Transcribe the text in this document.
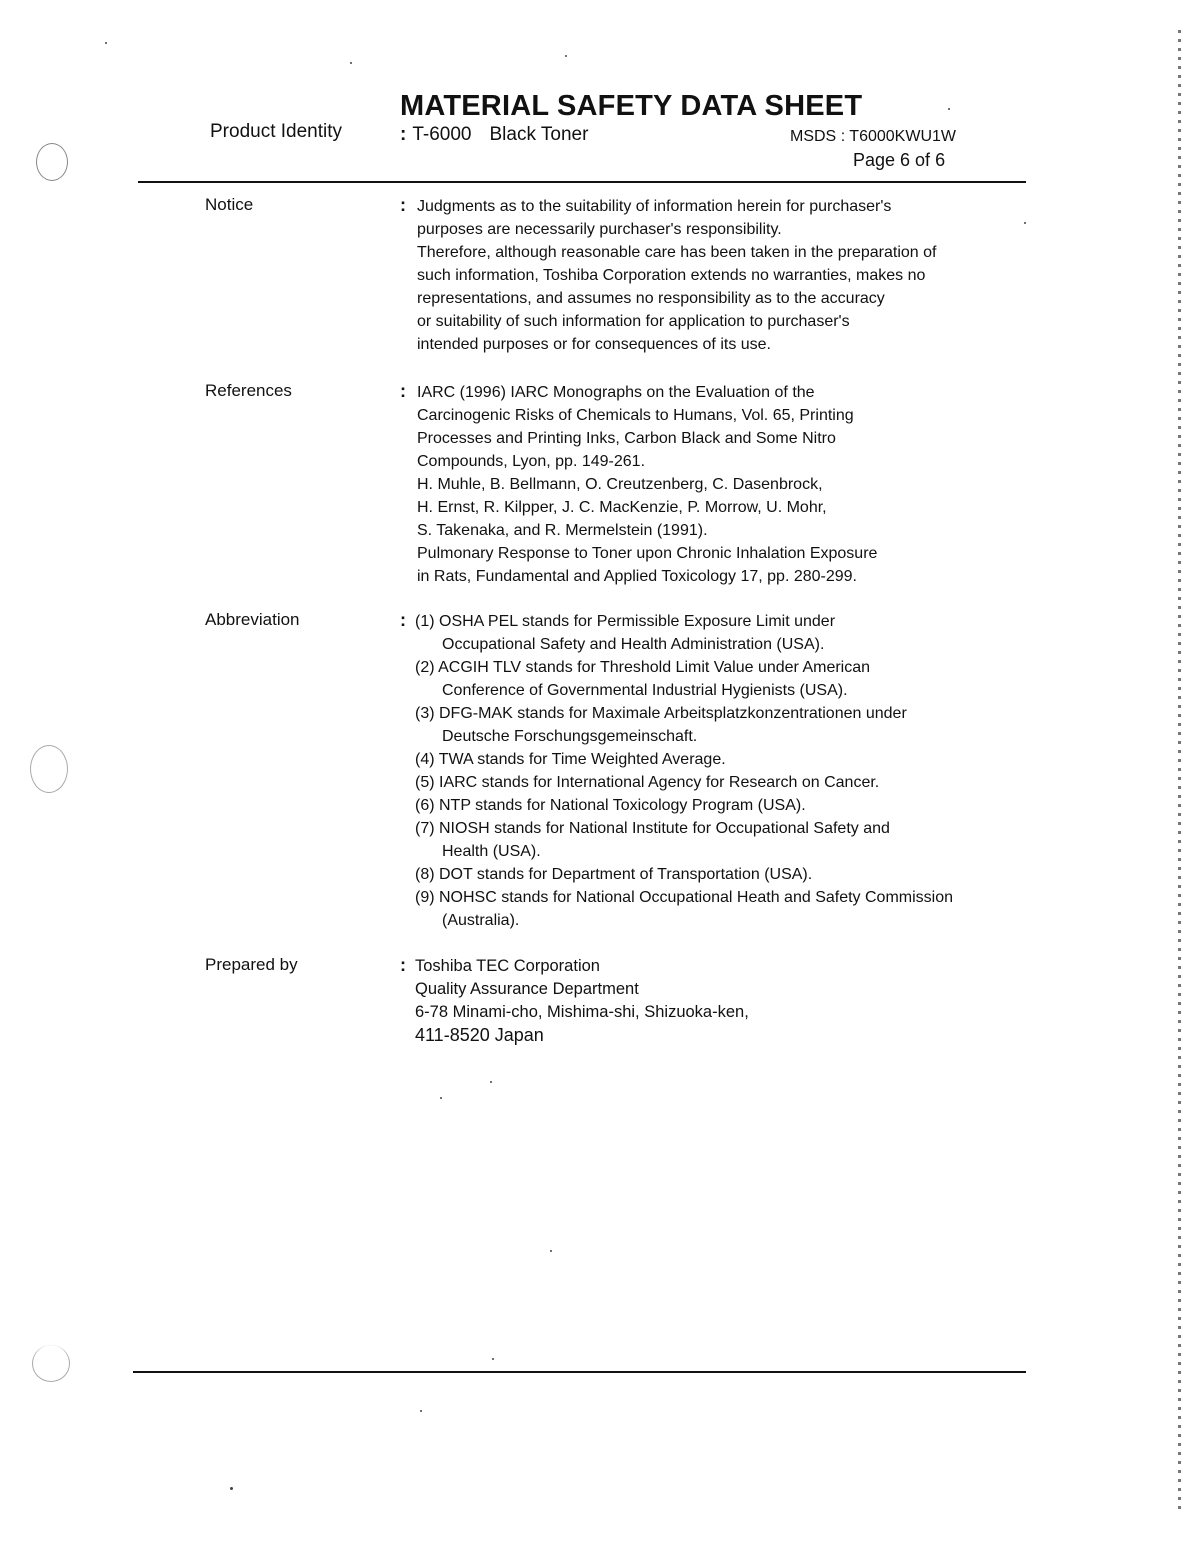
MATERIAL SAFETY DATA SHEET
Product Identity	: T-6000 Black Toner	MSDS : T6000KWU1W
Page 6 of 6
Notice	: Judgments as to the suitability of information herein for purchaser's
purposes are necessarily purchaser's responsibility.
Therefore, although reasonable care has been taken in the preparation of
such information, Toshiba Corporation extends no warranties, makes no
representations, and assumes no responsibility as to the accuracy
or suitability of such information for application to purchaser's
intended purposes or for consequences of its use.
References	: IARC (1996) IARC Monographs on the Evaluation of the
Carcinogenic Risks of Chemicals to Humans, Vol. 65, Printing
Processes and Printing Inks, Carbon Black and Some Nitro
Compounds, Lyon, pp. 149-261.
H. Muhle, B. Bellmann, O. Creutzenberg, C. Dasenbrock,
H. Ernst, R. Kilpper, J. C. MacKenzie, P. Morrow, U. Mohr,
S. Takenaka, and R. Mermelstein (1991).
Pulmonary Response to Toner upon Chronic Inhalation Exposure
in Rats, Fundamental and Applied Toxicology 17, pp. 280-299.
Abbreviation	: (1) OSHA PEL stands for Permissible Exposure Limit under
Occupational Safety and Health Administration (USA).
(2) ACGIH TLV stands for Threshold Limit Value under American
Conference of Governmental Industrial Hygienists (USA).
(3) DFG-MAK stands for Maximale Arbeitsplatzkonzentrationen under
Deutsche Forschungsgemeinschaft.
(4) TWA stands for Time Weighted Average.
(5) IARC stands for International Agency for Research on Cancer.
(6) NTP stands for National Toxicology Program (USA).
(7) NIOSH stands for National Institute for Occupational Safety and
Health (USA).
(8) DOT stands for Department of Transportation (USA).
(9) NOHSC stands for National Occupational Heath and Safety Commission
(Australia).
Prepared by	: Toshiba TEC Corporation
Quality Assurance Department
6-78 Minami-cho, Mishima-shi, Shizuoka-ken,
411-8520 Japan
